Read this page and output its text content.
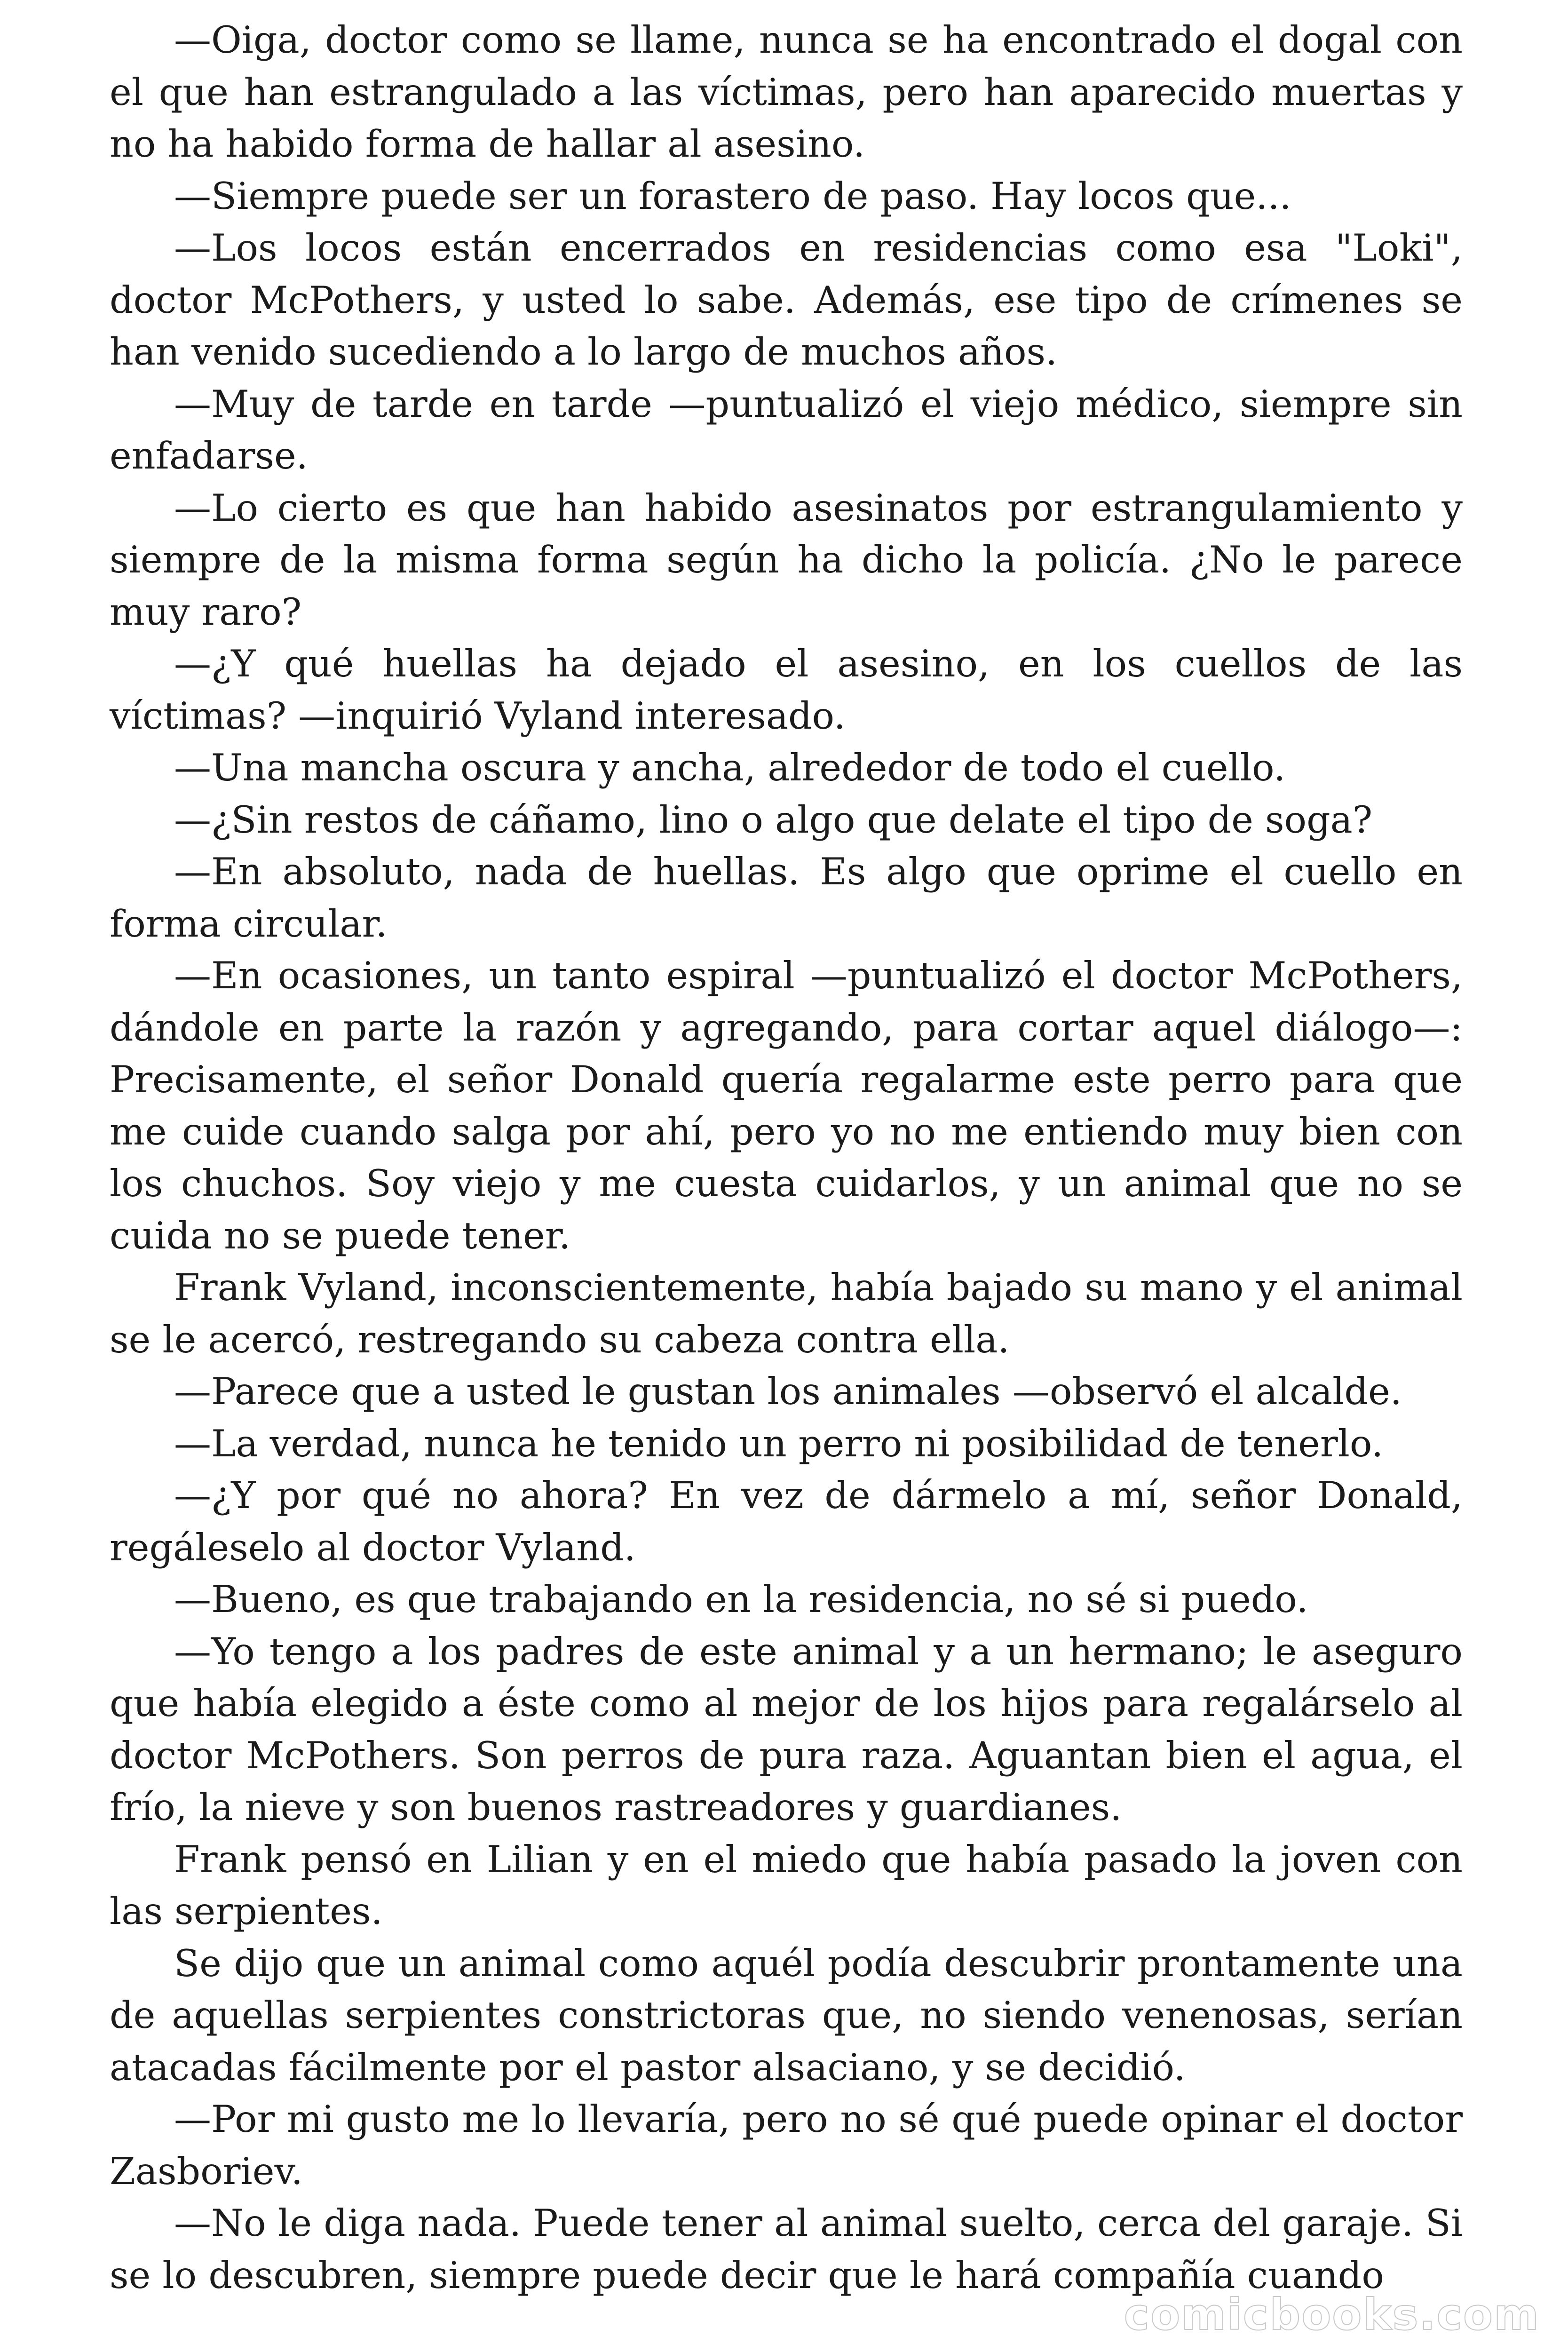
—Oiga, doctor como se llame, nunca se ha encontrado el dogal con el que han estrangulado a las víctimas, pero han aparecido muertas y no ha habido forma de hallar al asesino.

—Siempre puede ser un forastero de paso. Hay locos que...

—Los locos están encerrados en residencias como esa "Loki", doctor McPothers, y usted lo sabe. Además, ese tipo de crímenes se han venido sucediendo a lo largo de muchos años.

—Muy de tarde en tarde —puntualizó el viejo médico, siempre sin enfadarse.

—Lo cierto es que han habido asesinatos por estrangulamiento y siempre de la misma forma según ha dicho la policía. ¿No le parece muy raro?

—¿Y qué huellas ha dejado el asesino, en los cuellos de las víctimas? —inquirió Vyland interesado.

—Una mancha oscura y ancha, alrededor de todo el cuello.

—¿Sin restos de cáñamo, lino o algo que delate el tipo de soga?

—En absoluto, nada de huellas. Es algo que oprime el cuello en forma circular.

—En ocasiones, un tanto espiral —puntualizó el doctor McPothers, dándole en parte la razón y agregando, para cortar aquel diálogo—: Precisamente, el señor Donald quería regalarme este perro para que me cuide cuando salga por ahí, pero yo no me entiendo muy bien con los chuchos. Soy viejo y me cuesta cuidarlos, y un animal que no se cuida no se puede tener.

Frank Vyland, inconscientemente, había bajado su mano y el animal se le acercó, restregando su cabeza contra ella.

—Parece que a usted le gustan los animales —observó el alcalde.

—La verdad, nunca he tenido un perro ni posibilidad de tenerlo.

—¿Y por qué no ahora? En vez de dármelo a mí, señor Donald, regáleselo al doctor Vyland.

—Bueno, es que trabajando en la residencia, no sé si puedo.

—Yo tengo a los padres de este animal y a un hermano; le aseguro que había elegido a éste como al mejor de los hijos para regalárselo al doctor McPothers. Son perros de pura raza. Aguantan bien el agua, el frío, la nieve y son buenos rastreadores y guardianes.

Frank pensó en Lilian y en el miedo que había pasado la joven con las serpientes.

Se dijo que un animal como aquél podía descubrir prontamente una de aquellas serpientes constrictoras que, no siendo venenosas, serían atacadas fácilmente por el pastor alsaciano, y se decidió.

—Por mi gusto me lo llevaría, pero no sé qué puede opinar el doctor Zasboriev.

—No le diga nada. Puede tener al animal suelto, cerca del garaje. Si se lo descubren, siempre puede decir que le hará compañía cuando

comicbooks.com
